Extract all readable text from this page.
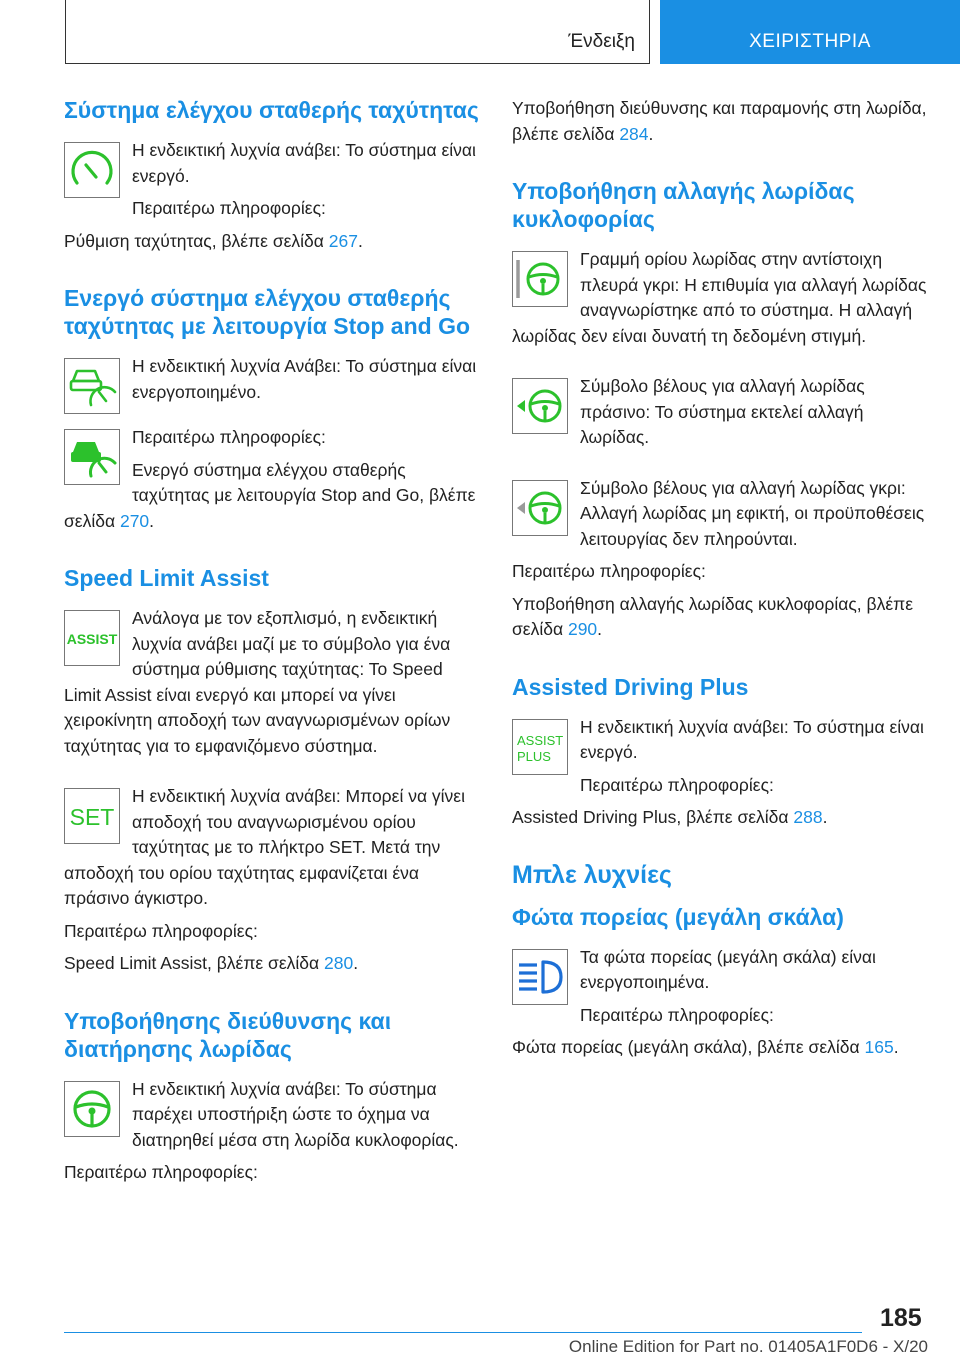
Ένδειξη	ΧΕΙΡΙΣΤΗΡΙΑ
Σύστημα ελέγχου σταθερής ταχύτητας

Η ενδεικτική λυχνία ανάβει: Το σύστημα είναι ενεργό.

Περαιτέρω πληροφορίες:

Ρύθμιση ταχύτητας, βλέπε σελίδα 267.

Ενεργό σύστημα ελέγχου σταθερής ταχύτητας με λειτουργία Stop and Go

Η ενδεικτική λυχνία Ανάβει: Το σύστημα είναι ενεργοποιημένο.

Περαιτέρω πληροφορίες:

Ενεργό σύστημα ελέγχου σταθερής ταχύτητας με λειτουργία Stop and Go, βλέπε σελίδα 270.

Speed Limit Assist
ASSIST

Ανάλογα με τον εξοπλισμό, η ενδεικτική λυχνία ανάβει μαζί με το σύμβολο για ένα σύστημα ρύθμισης ταχύτητας: Το Speed Limit Assist είναι ενεργό και μπορεί να γίνει χειροκίνητη αποδοχή των αναγνωρισμένων ορίων ταχύτητας για το εμφανιζόμενο σύστημα.

SET

Η ενδεικτική λυχνία ανάβει: Μπορεί να γίνει αποδοχή του αναγνωρισμένου ορίου ταχύτητας με το πλήκτρο SET. Μετά την αποδοχή του ορίου ταχύτητας εμφανίζεται ένα πράσινο άγκιστρο.

Περαιτέρω πληροφορίες:

Speed Limit Assist, βλέπε σελίδα 280.

Υποβοήθησης διεύθυνσης και διατήρησης λωρίδας

Η ενδεικτική λυχνία ανάβει: Το σύστημα παρέχει υποστήριξη ώστε το όχημα να διατηρηθεί μέσα στη λωρίδα κυκλοφορίας.

Περαιτέρω πληροφορίες:

Υποβοήθηση διεύθυνσης και παραμονής στη λωρίδα, βλέπε σελίδα 284.

Υποβοήθηση αλλαγής λωρίδας κυκλοφορίας

Γραμμή ορίου λωρίδας στην αντίστοιχη πλευρά γκρι: Η επιθυμία για αλλαγή λωρίδας αναγνωρίστηκε από το σύστημα. Η αλλαγή λωρίδας δεν είναι δυνατή τη δεδομένη στιγμή.

Σύμβολο βέλους για αλλαγή λωρίδας πράσινο: Το σύστημα εκτελεί αλλαγή λωρίδας.

Σύμβολο βέλους για αλλαγή λωρίδας γκρι: Αλλαγή λωρίδας μη εφικτή, οι προϋποθέσεις λειτουργίας δεν πληρούνται.

Περαιτέρω πληροφορίες:

Υποβοήθηση αλλαγής λωρίδας κυκλοφορίας, βλέπε σελίδα 290.

Assisted Driving Plus
ASSIST
PLUS

Η ενδεικτική λυχνία ανάβει: Το σύστημα είναι ενεργό.

Περαιτέρω πληροφορίες:

Assisted Driving Plus, βλέπε σελίδα 288.

Μπλε λυχνίες
Φώτα πορείας (μεγάλη σκάλα)

Τα φώτα πορείας (μεγάλη σκάλα) είναι ενεργοποιημένα.

Περαιτέρω πληροφορίες:

Φώτα πορείας (μεγάλη σκάλα), βλέπε σελίδα 165.

185
Online Edition for Part no. 01405A1F0D6 - X/20
